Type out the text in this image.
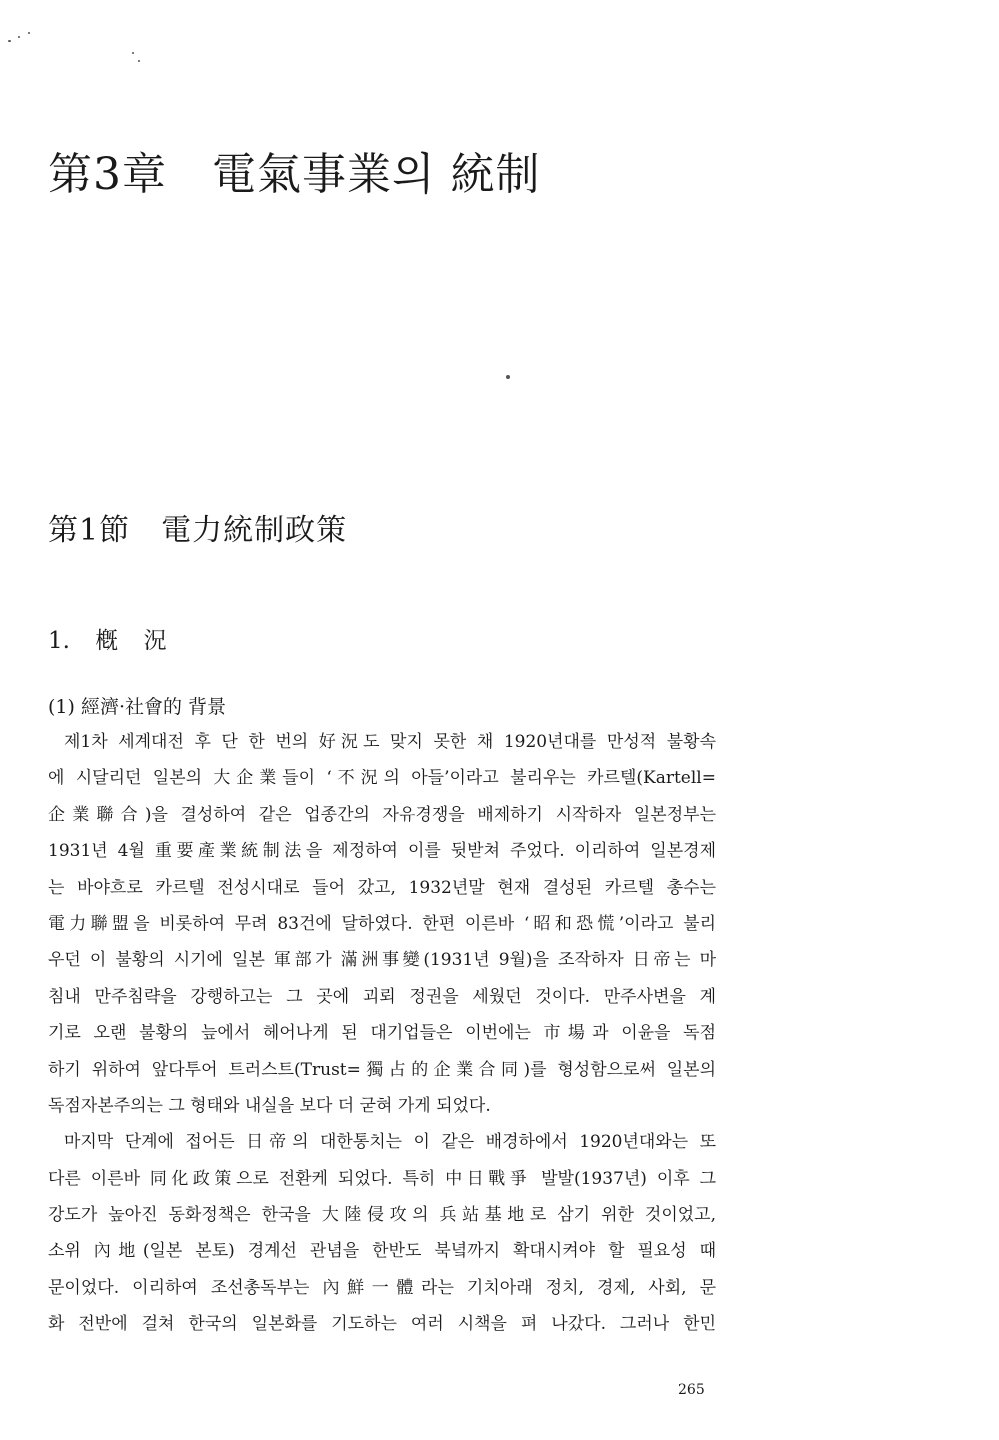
第3章　電氣事業의 統制
第1節　電力統制政策
1. 槪 況
(1) 經濟·社會的 背景
제1차 세계대전 후 단 한 번의 好況도 맞지 못한 채 1920년대를 만성적 불황속
에 시달리던 일본의 大企業들이 ‘不況의 아들’이라고 불리우는 카르텔(Kartell=
企業聯合)을 결성하여 같은 업종간의 자유경쟁을 배제하기 시작하자 일본정부는
1931년 4월 重要產業統制法을 제정하여 이를 뒷받쳐 주었다. 이리하여 일본경제
는 바야흐로 카르텔 전성시대로 들어 갔고, 1932년말 현재 결성된 카르텔 총수는
電力聯盟을 비롯하여 무려 83건에 달하였다. 한편 이른바 ‘昭和恐慌’이라고 불리
우던 이 불황의 시기에 일본 軍部가 滿洲事變(1931년 9월)을 조작하자 日帝는 마
침내 만주침략을 강행하고는 그 곳에 괴뢰 정권을 세웠던 것이다. 만주사변을 계
기로 오랜 불황의 늪에서 헤어나게 된 대기업들은 이번에는 市場과 이윤을 독점
하기 위하여 앞다투어 트러스트(Trust=獨占的企業合同)를 형성함으로써 일본의
독점자본주의는 그 형태와 내실을 보다 더 굳혀 가게 되었다.
마지막 단계에 접어든 日帝의 대한통치는 이 같은 배경하에서 1920년대와는 또
다른 이른바 同化政策으로 전환케 되었다. 특히 中日戰爭 발발(1937년) 이후 그
강도가 높아진 동화정책은 한국을 大陸侵攻의 兵站基地로 삼기 위한 것이었고,
소위 內地(일본 본토) 경계선 관념을 한반도 북녘까지 확대시켜야 할 필요성 때
문이었다. 이리하여 조선총독부는 內鮮一體라는 기치아래 정치, 경제, 사회, 문
화 전반에 걸쳐 한국의 일본화를 기도하는 여러 시책을 펴 나갔다. 그러나 한민
265
